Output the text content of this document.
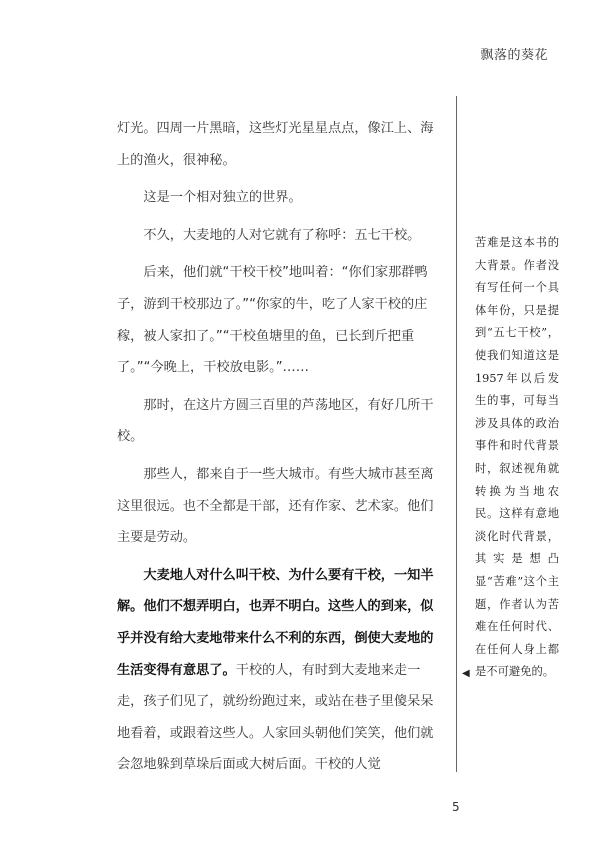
飘落的葵花

灯光。四周一片黑暗，这些灯光星星点点，像江上、海上的渔火，很神秘。

这是一个相对独立的世界。

不久，大麦地的人对它就有了称呼：五七干校。

后来，他们就“干校干校”地叫着：“你们家那群鸭子，游到干校那边了。”“你家的牛，吃了人家干校的庄稼，被人家扣了。”“干校鱼塘里的鱼，已长到斤把重了。”“今晚上，干校放电影。”……

那时，在这片方圆三百里的芦荡地区，有好几所干校。

那些人，都来自于一些大城市。有些大城市甚至离这里很远。也不全都是干部，还有作家、艺术家。他们主要是劳动。

大麦地人对什么叫干校、为什么要有干校，一知半解。他们不想弄明白，也弄不明白。这些人的到来，似乎并没有给大麦地带来什么不利的东西，倒使大麦地的生活变得有意思了。干校的人，有时到大麦地来走一走，孩子们见了，就纷纷跑过来，或站在巷子里傻呆呆地看着，或跟着这些人。人家回头朝他们笑笑，他们就会忽地躲到草垛后面或大树后面。干校的人觉

苦难是这本书的大背景。作者没有写任何一个具体年份，只是提到“五七干校”，使我们知道这是1957年以后发生的事，可每当涉及具体的政治事件和时代背景时，叙述视角就转换为当地农民。这样有意地淡化时代背景，其实是想凸显“苦难”这个主题，作者认为苦难在任何时代、在任何人身上都是不可避免的。
◀
5
